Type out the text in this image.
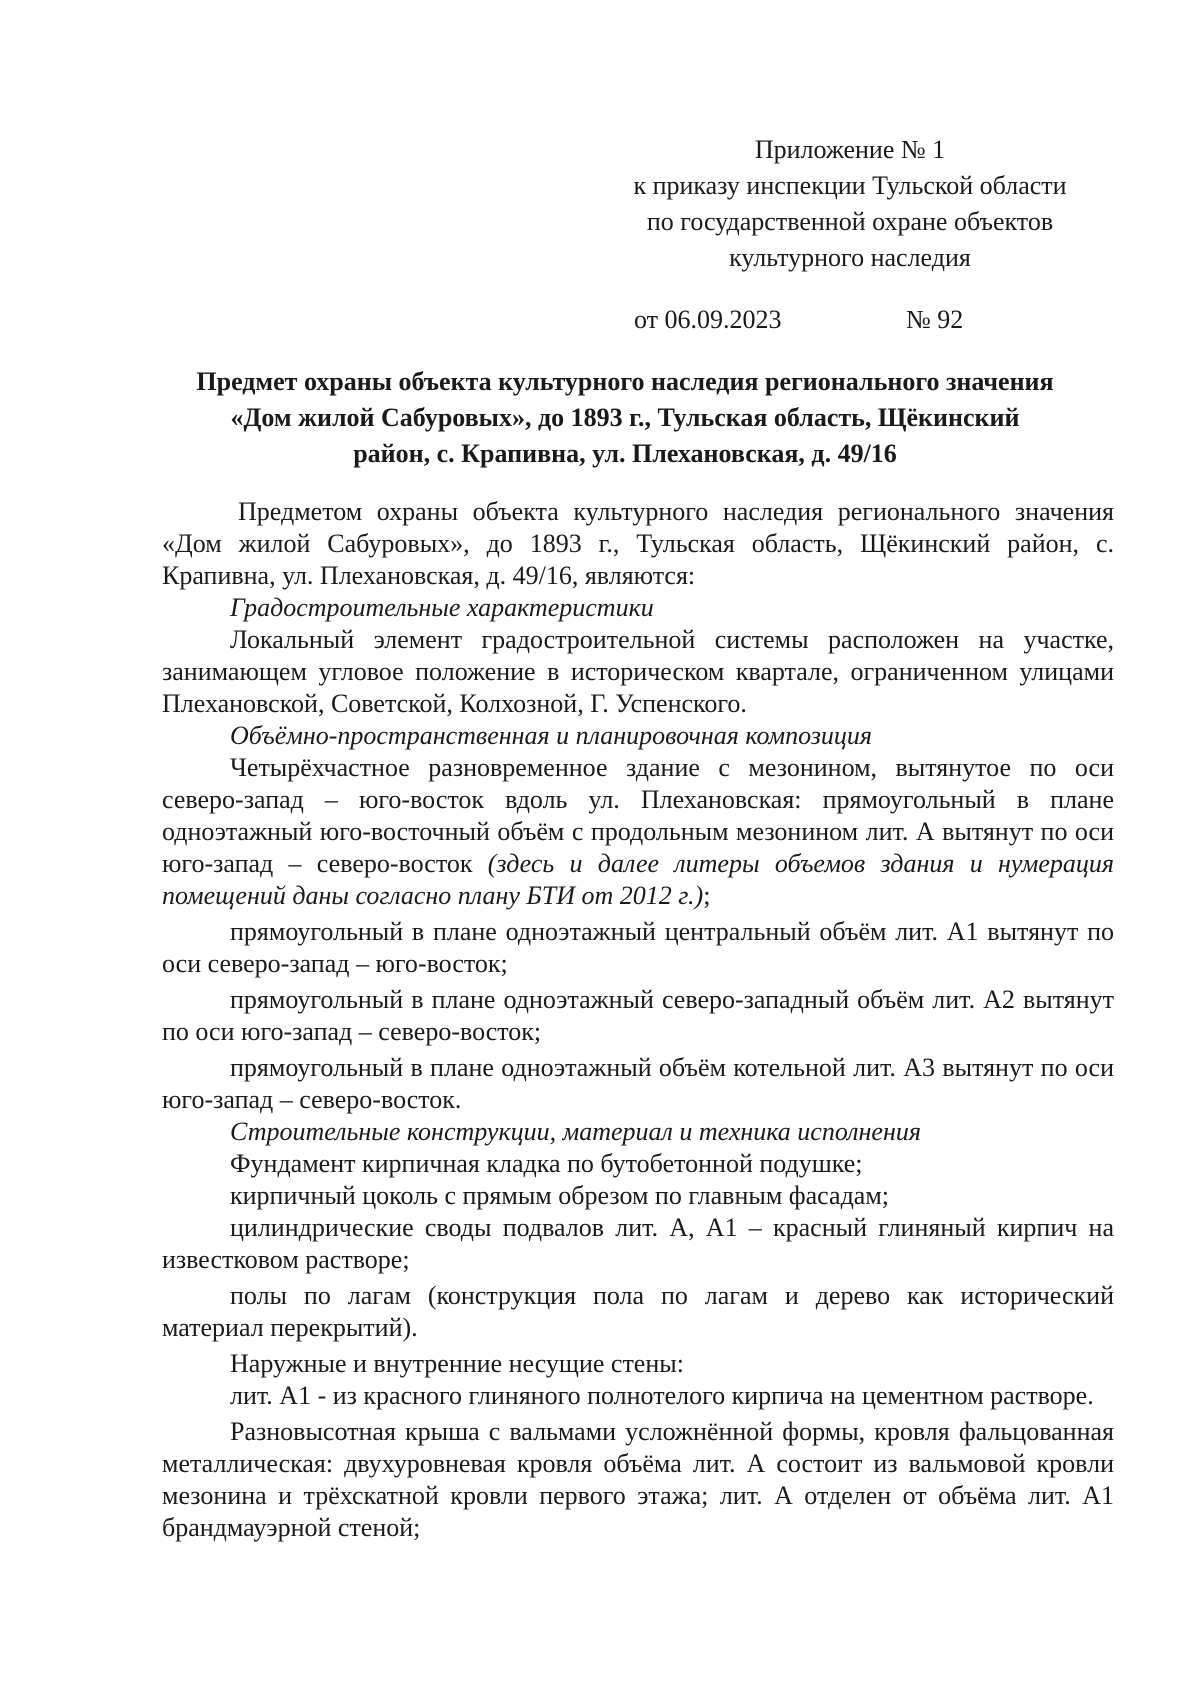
Приложение № 1
к приказу инспекции Тульской области
по государственной охране объектов
культурного наследия
от 06.09.2023	№ 92
Предмет охраны объекта культурного наследия регионального значения
«Дом жилой Сабуровых», до 1893 г., Тульская область, Щёкинский
район, с. Крапивна, ул. Плехановская, д. 49/16

Предметом охраны объекта культурного наследия регионального значения «Дом жилой Сабуровых», до 1893 г., Тульская область, Щёкинский район, с. Крапивна, ул. Плехановская, д. 49/16, являются:

Градостроительные характеристики

Локальный элемент градостроительной системы расположен на участке, занимающем угловое положение в историческом квартале, ограниченном улицами Плехановской, Советской, Колхозной, Г. Успенского.

Объёмно-пространственная и планировочная композиция

Четырёхчастное разновременное здание с мезонином, вытянутое по оси северо-запад – юго-восток вдоль ул. Плехановская: прямоугольный в плане одноэтажный юго-восточный объём с продольным мезонином лит. А вытянут по оси юго-запад – северо-восток (здесь и далее литеры объемов здания и нумерация помещений даны согласно плану БТИ от 2012 г.);

прямоугольный в плане одноэтажный центральный объём лит. А1 вытянут по оси северо-запад – юго-восток;

прямоугольный в плане одноэтажный северо-западный объём лит. А2 вытянут по оси юго-запад – северо-восток;

прямоугольный в плане одноэтажный объём котельной лит. А3 вытянут по оси юго-запад – северо-восток.

Строительные конструкции, материал и техника исполнения

Фундамент кирпичная кладка по бутобетонной подушке;

кирпичный цоколь с прямым обрезом по главным фасадам;

цилиндрические своды подвалов лит. А, А1 – красный глиняный кирпич на известковом растворе;

полы по лагам (конструкция пола по лагам и дерево как исторический материал перекрытий).

Наружные и внутренние несущие стены:

лит. А1 - из красного глиняного полнотелого кирпича на цементном растворе.

Разновысотная крыша с вальмами усложнённой формы, кровля фальцованная металлическая: двухуровневая кровля объёма лит. А состоит из вальмовой кровли мезонина и трёхскатной кровли первого этажа; лит. А отделен от объёма лит. А1 брандмауэрной стеной;
